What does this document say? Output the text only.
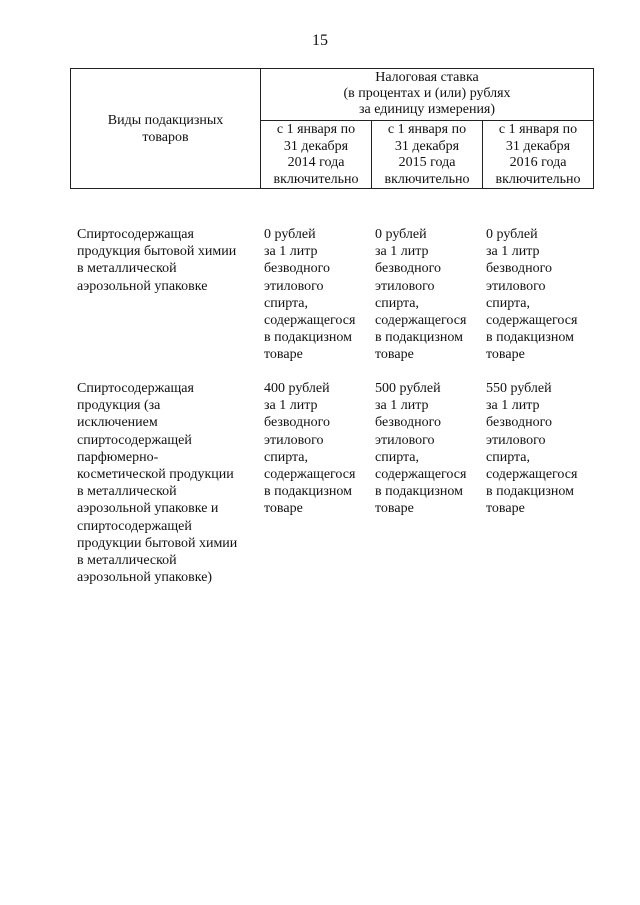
15
Виды подакцизных
товаров
Налоговая ставка
(в процентах и (или) рублях
за единицу измерения)
с 1 января по
31 декабря
2014 года
включительно
с 1 января по
31 декабря
2015 года
включительно
с 1 января по
31 декабря
2016 года
включительно
Спиртосодержащая
продукция бытовой химии
в металлической
аэрозольной упаковке
0 рублей
за 1 литр
безводного
этилового
спирта,
содержащегося
в подакцизном
товаре
0 рублей
за 1 литр
безводного
этилового
спирта,
содержащегося
в подакцизном
товаре
0 рублей
за 1 литр
безводного
этилового
спирта,
содержащегося
в подакцизном
товаре
Спиртосодержащая
продукция (за
исключением
спиртосодержащей
парфюмерно-
косметической продукции
в металлической
аэрозольной упаковке и
спиртосодержащей
продукции бытовой химии
в металлической
аэрозольной упаковке)
400 рублей
за 1 литр
безводного
этилового
спирта,
содержащегося
в подакцизном
товаре
500 рублей
за 1 литр
безводного
этилового
спирта,
содержащегося
в подакцизном
товаре
550 рублей
за 1 литр
безводного
этилового
спирта,
содержащегося
в подакцизном
товаре
